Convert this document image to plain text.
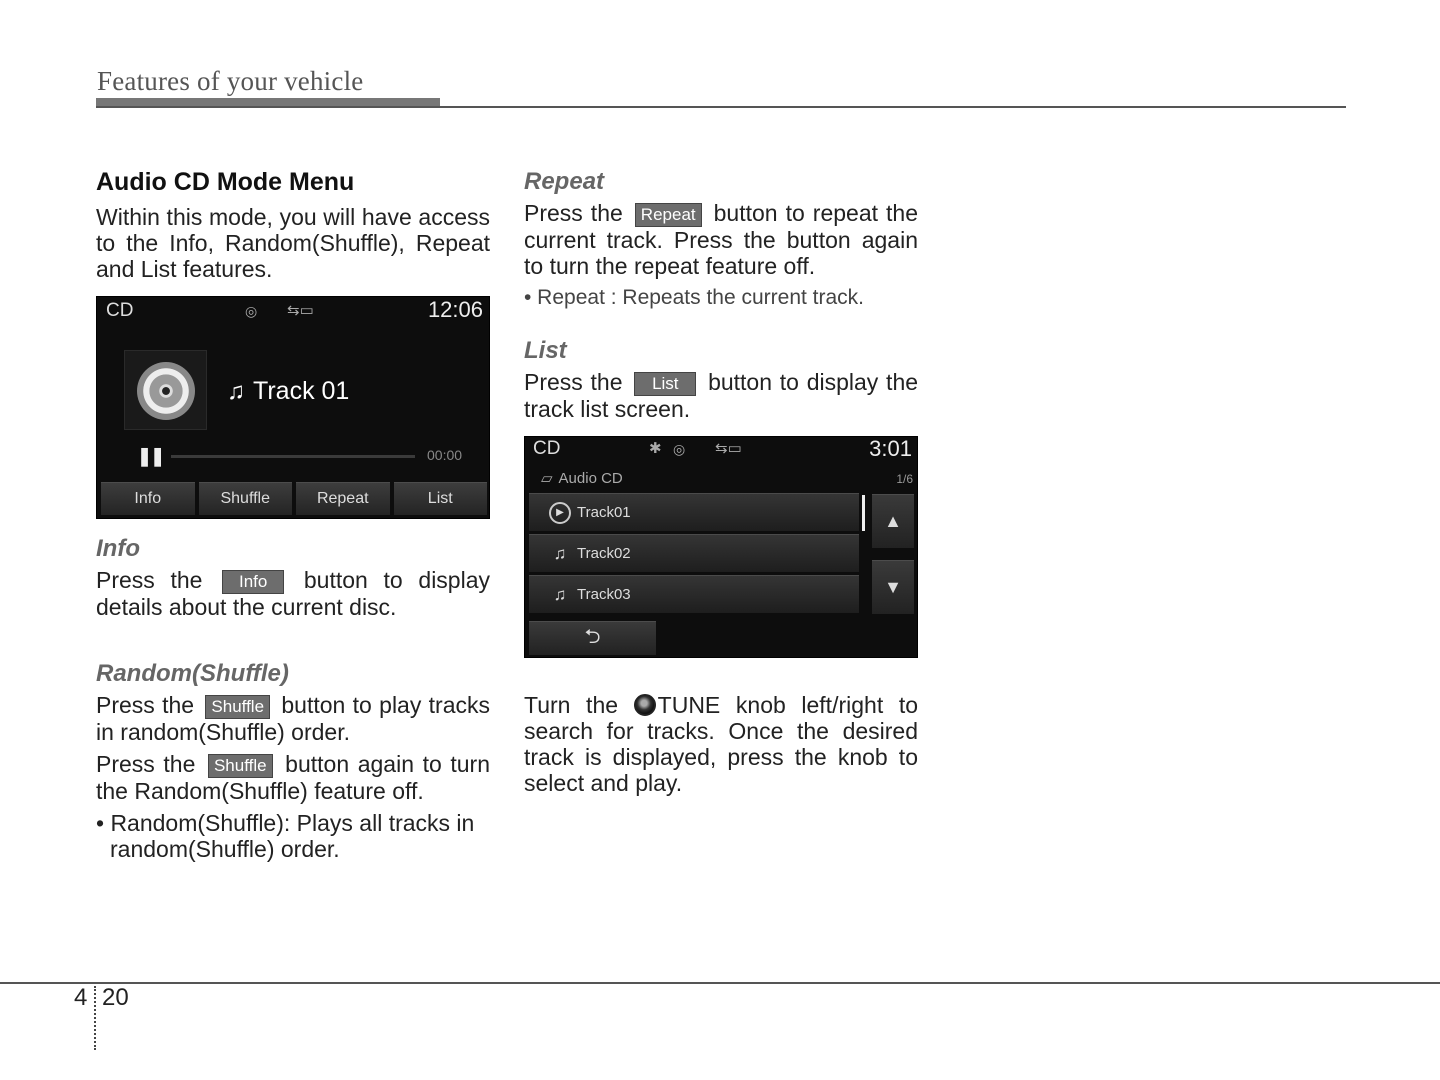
Features of your vehicle
Audio CD Mode Menu

Within this mode, you will have access to the Info, Random(Shuffle), Repeat and List features.

CD	◎ ⇆▭	12:06
♫ Track 01
❚❚	00:00
Info	Shuffle	Repeat	List
Info

Press the Info button to display details about the current disc.

Random(Shuffle)

Press the Shuffle button to play tracks in random(Shuffle) order.

Press the Shuffle button again to turn the Random(Shuffle) feature off.

• Random(Shuffle): Plays all tracks in random(Shuffle) order.
Repeat

Press the Repeat button to repeat the current track. Press the button again to turn the repeat feature off.

• Repeat : Repeats the current track.
List

Press the List button to display the track list screen.

CD	✱ ◎ ⇆▭	3:01
▱ Audio CD	1/6
▶ Track01
♫ Track02
♫ Track03
▲
▼
⮌

Turn the TUNE knob left/right to search for tracks. Once the desired track is displayed, press the knob to select and play.

4 20
